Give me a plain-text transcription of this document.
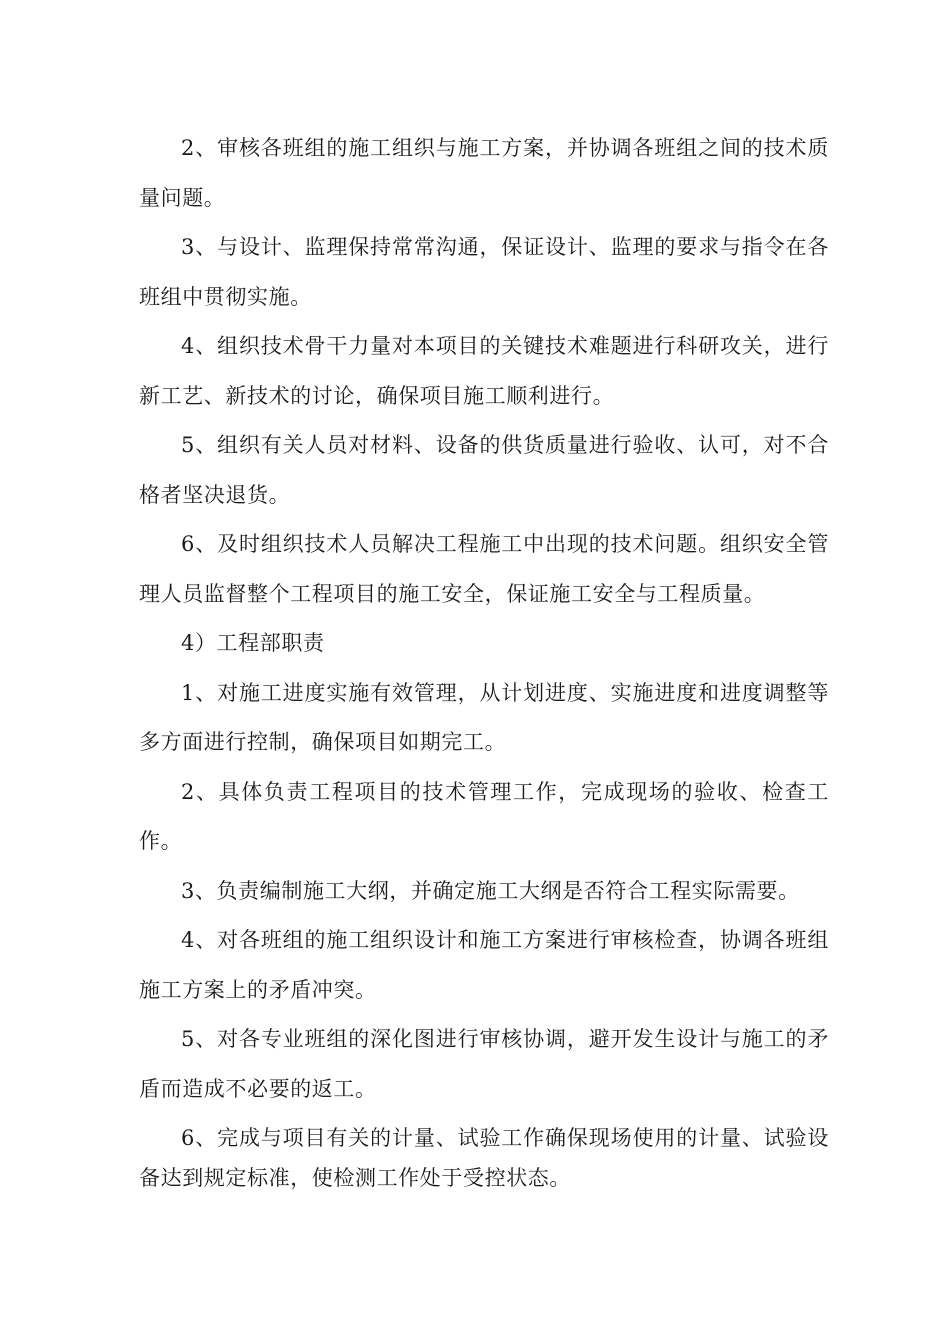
2、审核各班组的施工组织与施工方案，并协调各班组之间的技术质量问题。

3、与设计、监理保持常常沟通，保证设计、监理的要求与指令在各班组中贯彻实施。

4、组织技术骨干力量对本项目的关键技术难题进行科研攻关，进行新工艺、新技术的讨论，确保项目施工顺利进行。

5、组织有关人员对材料、设备的供货质量进行验收、认可，对不合格者坚决退货。

6、及时组织技术人员解决工程施工中出现的技术问题。组织安全管理人员监督整个工程项目的施工安全，保证施工安全与工程质量。

4）工程部职责

1、对施工进度实施有效管理，从计划进度、实施进度和进度调整等多方面进行控制，确保项目如期完工。

2、具体负责工程项目的技术管理工作，完成现场的验收、检查工作。

3、负责编制施工大纲，并确定施工大纲是否符合工程实际需要。

4、对各班组的施工组织设计和施工方案进行审核检查，协调各班组施工方案上的矛盾冲突。

5、对各专业班组的深化图进行审核协调，避开发生设计与施工的矛盾而造成不必要的返工。

6、完成与项目有关的计量、试验工作确保现场使用的计量、试验设备达到规定标准，使检测工作处于受控状态。
